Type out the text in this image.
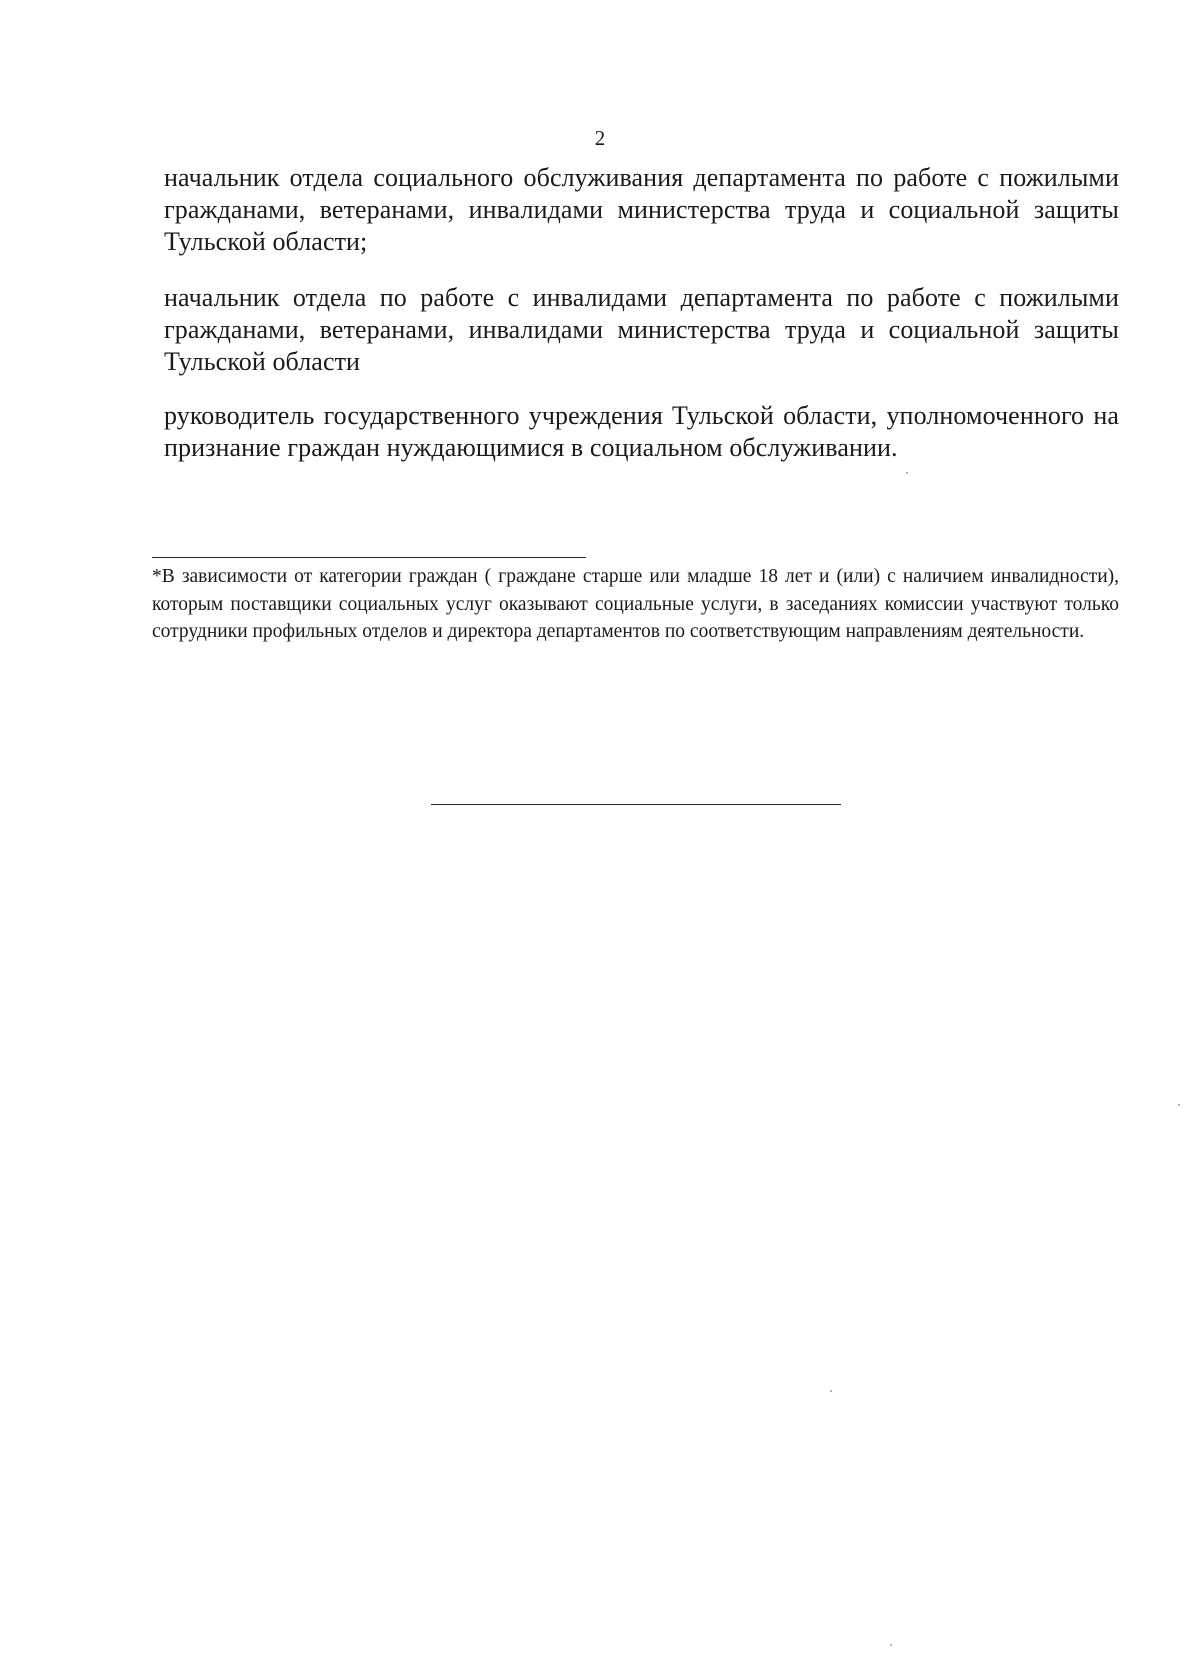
2
начальник отдела социального обслуживания департамента по работе с пожилыми гражданами, ветеранами, инвалидами министерства труда и социальной защиты Тульской области;
начальник отдела по работе с инвалидами департамента по работе с пожилыми гражданами, ветеранами, инвалидами министерства труда и социальной защиты Тульской области
руководитель государственного учреждения Тульской области, уполномоченного на признание граждан нуждающимися в социальном обслуживании.
*В зависимости от категории граждан ( граждане старше или младше 18 лет и (или) с наличием инвалидности), которым поставщики социальных услуг оказывают социальные услуги, в заседаниях комиссии участвуют только сотрудники профильных отделов и директора департаментов по соответствующим направлениям деятельности.
